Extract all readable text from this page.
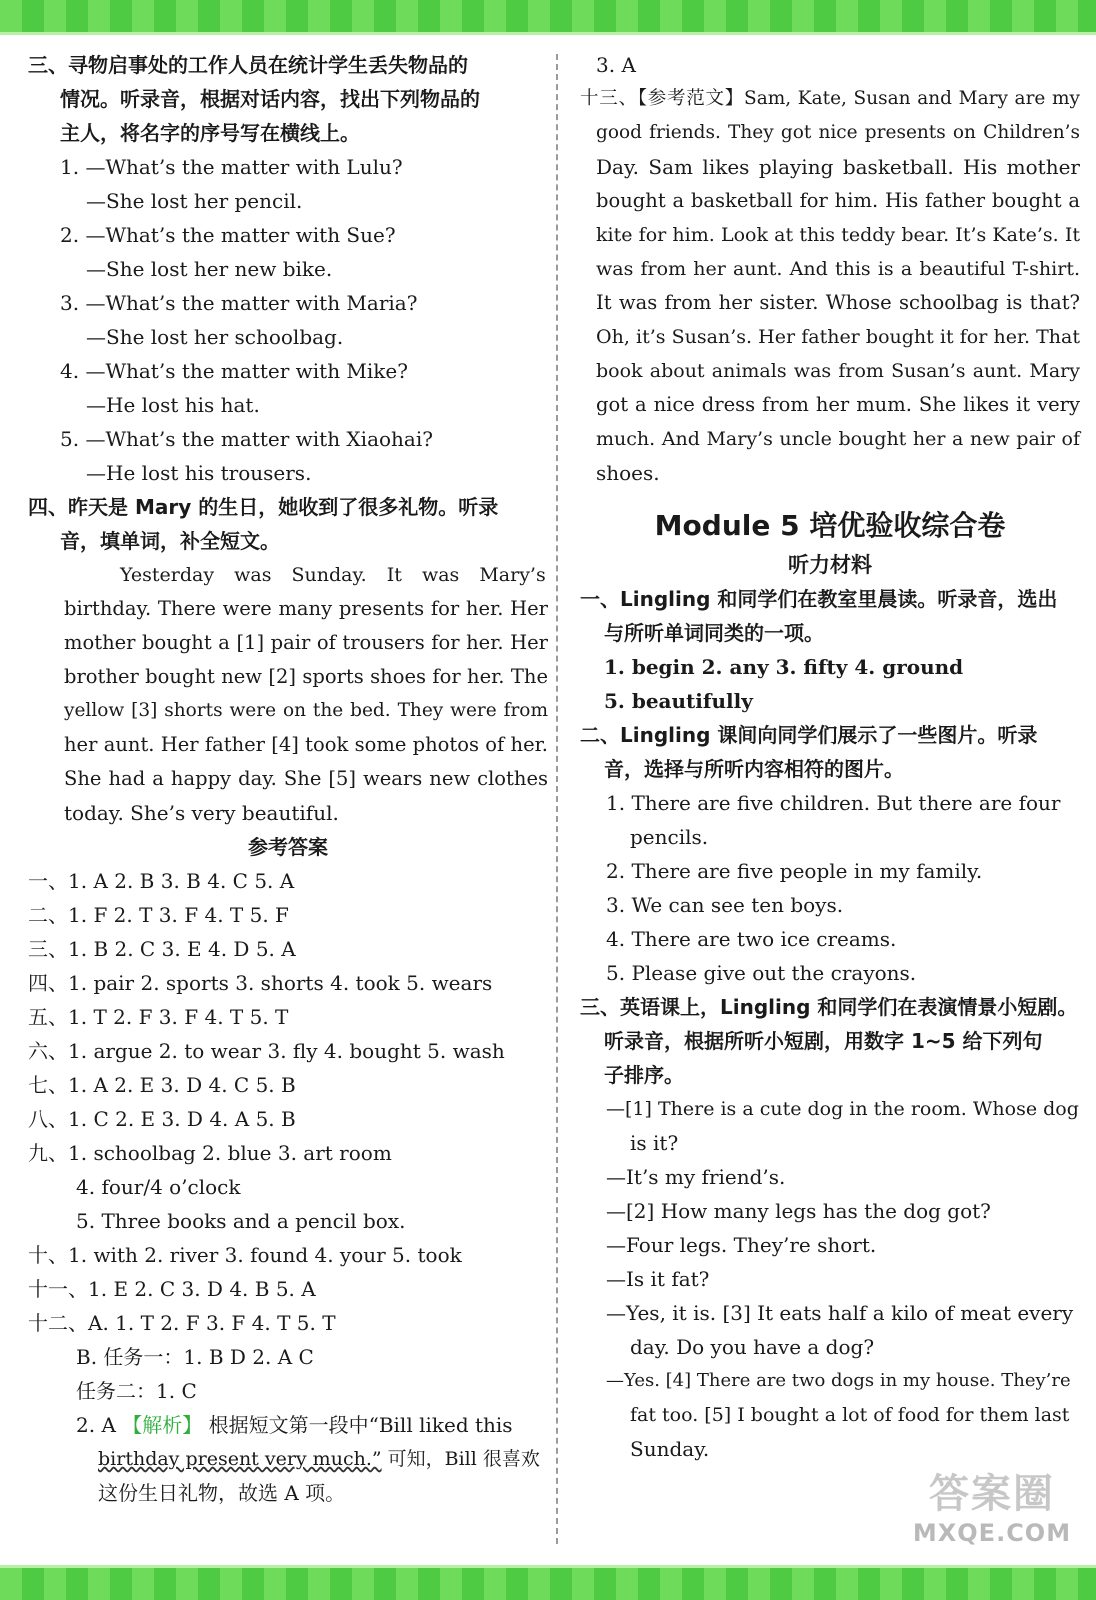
三、寻物启事处的工作人员在统计学生丢失物品的

情况。听录音，根据对话内容，找出下列物品的

主人，将名字的序号写在横线上。

1. —What’s the matter with Lulu?

—She lost her pencil.

2. —What’s the matter with Sue?

—She lost her new bike.

3. —What’s the matter with Maria?

—She lost her schoolbag.

4. —What’s the matter with Mike?

—He lost his hat.

5. —What’s the matter with Xiaohai?

—He lost his trousers.

四、昨天是 Mary 的生日，她收到了很多礼物。听录

音，填单词，补全短文。

Yesterday was Sunday. It was Mary’s

birthday. There were many presents for her. Her

mother bought a [1] pair of trousers for her. Her

brother bought new [2] sports shoes for her. The

yellow [3] shorts were on the bed. They were from

her aunt. Her father [4] took some photos of her.

She had a happy day. She [5] wears new clothes

today. She’s very beautiful.

参考答案

一、1. A 2. B 3. B 4. C 5. A

二、1. F 2. T 3. F 4. T 5. F

三、1. B 2. C 3. E 4. D 5. A

四、1. pair 2. sports 3. shorts 4. took 5. wears

五、1. T 2. F 3. F 4. T 5. T

六、1. argue 2. to wear 3. fly 4. bought 5. wash

七、1. A 2. E 3. D 4. C 5. B

八、1. C 2. E 3. D 4. A 5. B

九、1. schoolbag 2. blue 3. art room

4. four/4 o’clock

5. Three books and a pencil box.

十、1. with 2. river 3. found 4. your 5. took

十一、1. E 2. C 3. D 4. B 5. A

十二、A. 1. T 2. F 3. F 4. T 5. T

B. 任务一：1. B D 2. A C

任务二：1. C

2. A 【解析】 根据短文第一段中“Bill liked this

birthday present very much.” 可知，Bill 很喜欢

这份生日礼物，故选 A 项。

3. A

十三、【参考范文】Sam, Kate, Susan and Mary are my

good friends. They got nice presents on Children’s

Day. Sam likes playing basketball. His mother

bought a basketball for him. His father bought a

kite for him. Look at this teddy bear. It’s Kate’s. It

was from her aunt. And this is a beautiful T-shirt.

It was from her sister. Whose schoolbag is that?

Oh, it’s Susan’s. Her father bought it for her. That

book about animals was from Susan’s aunt. Mary

got a nice dress from her mum. She likes it very

much. And Mary’s uncle bought her a new pair of

shoes.

Module 5 培优验收综合卷

听力材料

一、Lingling 和同学们在教室里晨读。听录音，选出

与所听单词同类的一项。

1. begin 2. any 3. fifty 4. ground

5. beautifully

二、Lingling 课间向同学们展示了一些图片。听录

音，选择与所听内容相符的图片。

1. There are five children. But there are four

pencils.

2. There are five people in my family.

3. We can see ten boys.

4. There are two ice creams.

5. Please give out the crayons.

三、英语课上，Lingling 和同学们在表演情景小短剧。

听录音，根据所听小短剧，用数字 1~5 给下列句

子排序。

—[1] There is a cute dog in the room. Whose dog

is it?

—It’s my friend’s.

—[2] How many legs has the dog got?

—Four legs. They’re short.

—Is it fat?

—Yes, it is. [3] It eats half a kilo of meat every

day. Do you have a dog?

—Yes. [4] There are two dogs in my house. They’re

fat too. [5] I bought a lot of food for them last

Sunday.

答案圈
MXQE.COM
